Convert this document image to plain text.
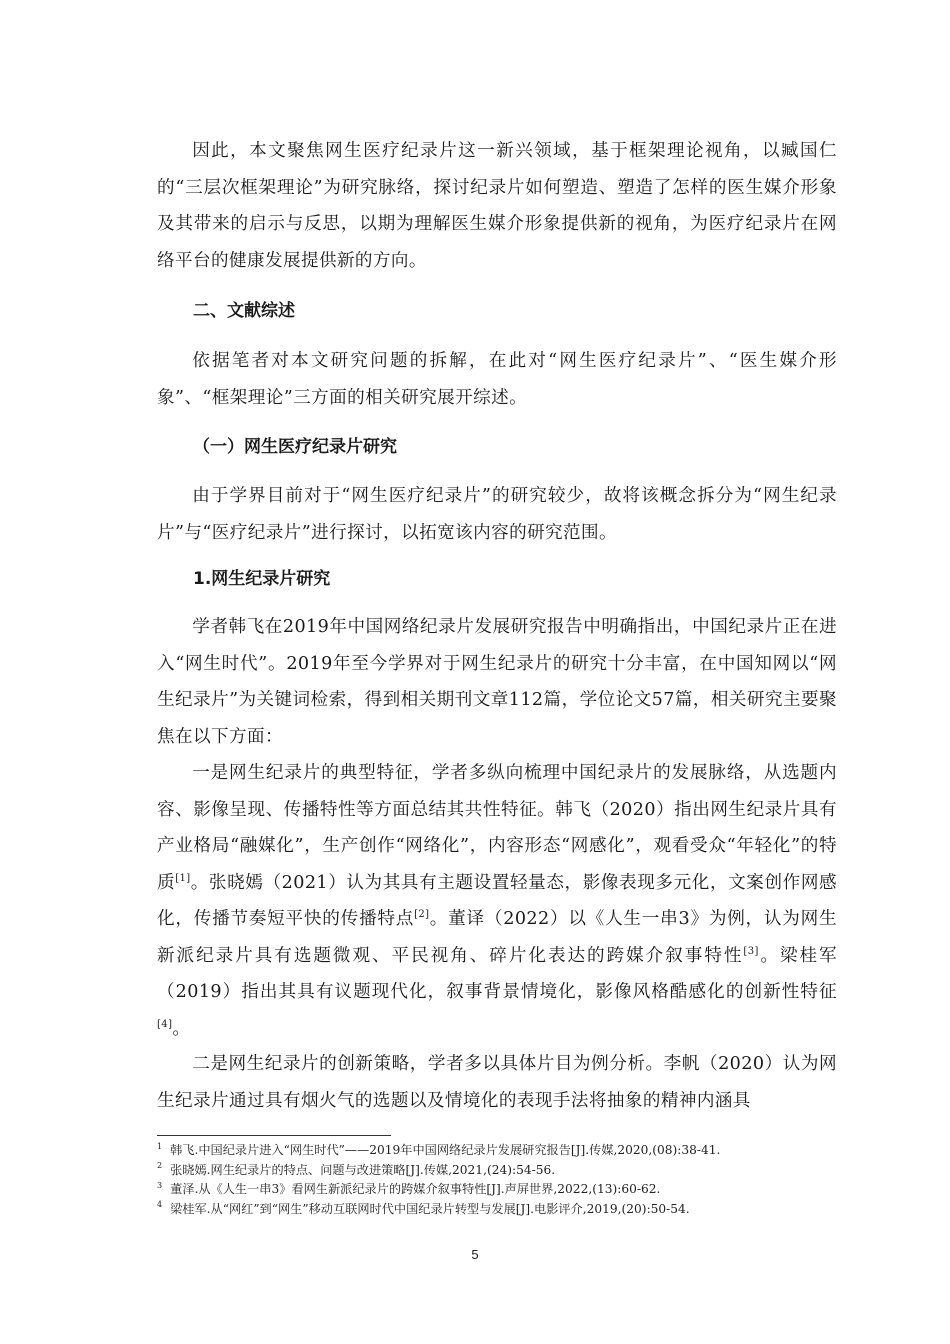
因此，本文聚焦网生医疗纪录片这一新兴领域，基于框架理论视角，以臧国仁的“三层次框架理论”为研究脉络，探讨纪录片如何塑造、塑造了怎样的医生媒介形象及其带来的启示与反思，以期为理解医生媒介形象提供新的视角，为医疗纪录片在网络平台的健康发展提供新的方向。

二、文献综述

依据笔者对本文研究问题的拆解，在此对“网生医疗纪录片”、“医生媒介形象”、“框架理论”三方面的相关研究展开综述。

（一）网生医疗纪录片研究

由于学界目前对于“网生医疗纪录片”的研究较少，故将该概念拆分为“网生纪录片”与“医疗纪录片”进行探讨，以拓宽该内容的研究范围。

1.网生纪录片研究

学者韩飞在2019年中国网络纪录片发展研究报告中明确指出，中国纪录片正在进入“网生时代”。2019年至今学界对于网生纪录片的研究十分丰富，在中国知网以“网生纪录片”为关键词检索，得到相关期刊文章112篇，学位论文57篇，相关研究主要聚焦在以下方面：

一是网生纪录片的典型特征，学者多纵向梳理中国纪录片的发展脉络，从选题内容、影像呈现、传播特性等方面总结其共性特征。韩飞（2020）指出网生纪录片具有产业格局“融媒化”，生产创作“网络化”，内容形态“网感化”，观看受众“年轻化”的特质[1]。张晓嫣（2021）认为其具有主题设置轻量态，影像表现多元化，文案创作网感化，传播节奏短平快的传播特点[2]。董译（2022）以《人生一串3》为例，认为网生新派纪录片具有选题微观、平民视角、碎片化表达的跨媒介叙事特性[3]。梁桂军（2019）指出其具有议题现代化，叙事背景情境化，影像风格酷感化的创新性特征[4]。

二是网生纪录片的创新策略，学者多以具体片目为例分析。李帆（2020）认为网生纪录片通过具有烟火气的选题以及情境化的表现手法将抽象的精神内涵具

$^1$ 韩飞.中国纪录片进入“网生时代”——2019年中国网络纪录片发展研究报告[J].传媒,2020,(08):38-41.
$^2$ 张晓嫣.网生纪录片的特点、问题与改进策略[J].传媒,2021,(24):54-56.
$^3$ 董泽.从《人生一串3》看网生新派纪录片的跨媒介叙事特性[J].声屏世界,2022,(13):60-62.
$^4$ 梁桂军.从“网红”到“网生”移动互联网时代中国纪录片转型与发展[J].电影评介,2019,(20):50-54.
5
